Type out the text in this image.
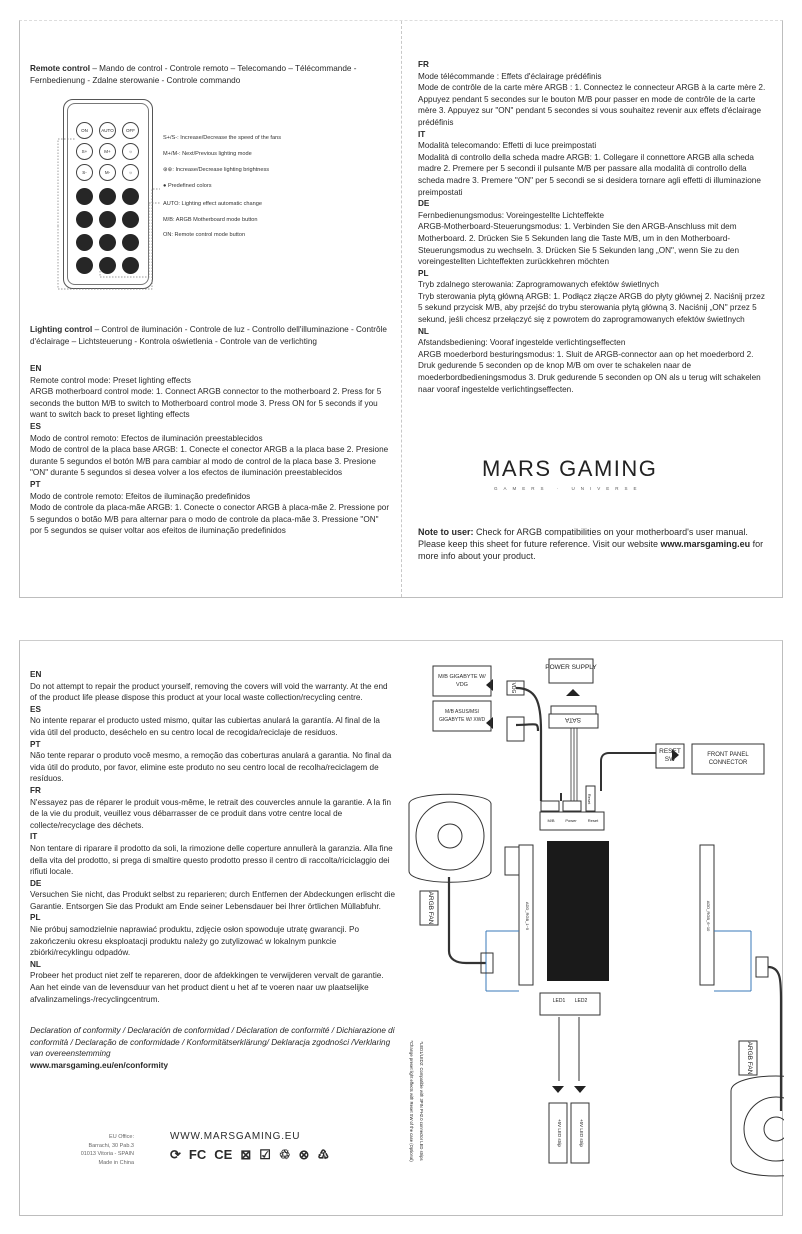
Remote control – Mando de control - Controle remoto – Telecomando – Télécommande - Fernbedienung - Zdalne sterowanie - Controle commando
ON	AUTO	OFF
S+	M+	☼
S-	M-	☼
S+/S-: Increase/Decrease the speed of the fans
M+/M-: Next/Previous lighting mode
⊛⊛: Increase/Decrease lighting brightness
● Predefined colors
AUTO: Lighting effect automatic change
M/B: ARGB Motherboard mode button
ON: Remote control mode button
Lighting control – Control de iluminación - Controle de luz - Controllo dell'illuminazione - Contrôle d'éclairage – Lichtsteuerung - Kontrola oświetlenia - Controle van de verlichting
EN

Remote control mode: Preset lighting effects

ARGB motherboard control mode: 1. Connect ARGB connector to the motherboard 2. Press for 5 seconds the button M/B to switch to Motherboard control mode 3. Press ON for 5 seconds if you want to switch back to preset lighting effects

ES

Modo de control remoto: Efectos de iluminación preestablecidos

Modo de control de la placa base ARGB: 1. Conecte el conector ARGB a la placa base 2. Presione durante 5 segundos el botón M/B para cambiar al modo de control de la placa base 3. Presione "ON" durante 5 segundos si desea volver a los efectos de iluminación preestablecidos

PT

Modo de controle remoto: Efeitos de iluminação predefinidos

Modo de controle da placa-mãe ARGB: 1. Conecte o conector ARGB à placa-mãe 2. Pressione por 5 segundos o botão M/B para alternar para o modo de controle da placa-mãe 3. Pressione "ON" por 5 segundos se quiser voltar aos efeitos de iluminação predefinidos

FR

Mode télécommande : Effets d'éclairage prédéfinis

Mode de contrôle de la carte mère ARGB : 1. Connectez le connecteur ARGB à la carte mère 2. Appuyez pendant 5 secondes sur le bouton M/B pour passer en mode de contrôle de la carte mère 3. Appuyez sur "ON" pendant 5 secondes si vous souhaitez revenir aux effets d'éclairage prédéfinis

IT

Modalità telecomando: Effetti di luce preimpostati

Modalità di controllo della scheda madre ARGB: 1. Collegare il connettore ARGB alla scheda madre 2. Premere per 5 secondi il pulsante M/B per passare alla modalità di controllo della scheda madre 3. Premere "ON" per 5 secondi se si desidera tornare agli effetti di illuminazione preimpostati

DE

Fernbedienungsmodus: Voreingestellte Lichteffekte

ARGB-Motherboard-Steuerungsmodus: 1. Verbinden Sie den ARGB-Anschluss mit dem Motherboard. 2. Drücken Sie 5 Sekunden lang die Taste M/B, um in den Motherboard-Steuerungsmodus zu wechseln. 3. Drücken Sie 5 Sekunden lang „ON", wenn Sie zu den voreingestellten Lichteffekten zurückkehren möchten

PL

Tryb zdalnego sterowania: Zaprogramowanych efektów świetlnych

Tryb sterowania płytą główną ARGB: 1. Podłącz złącze ARGB do płyty głównej 2. Naciśnij przez 5 sekund przycisk M/B, aby przejść do trybu sterowania płytą główną 3. Naciśnij „ON" przez 5 sekund, jeśli chcesz przełączyć się z powrotem do zaprogramowanych efektów świetlnych

NL

Afstandsbediening: Vooraf ingestelde verlichtingseffecten

ARGB moederbord besturingsmodus: 1. Sluit de ARGB-connector aan op het moederbord 2. Druk gedurende 5 seconden op de knop M/B om over te schakelen naar de moederbordbedieningsmodus 3. Druk gedurende 5 seconden op ON als u terug wilt schakelen naar vooraf ingestelde verlichtingseffecten.

MARS GAMING
GAMERS · UNIVERSE
Note to user: Check for ARGB compatibilities on your motherboard's user manual. Please keep this sheet for future reference. Visit our website www.marsgaming.eu for more info about your product.
EN

Do not attempt to repair the product yourself, removing the covers will void the warranty. At the end of the product life please dispose this product at your local waste collection/recycling centre.

ES

No intente reparar el producto usted mismo, quitar las cubiertas anulará la garantía. Al final de la vida útil del producto, deséchelo en su centro local de recogida/reciclaje de residuos.

PT

Não tente reparar o produto você mesmo, a remoção das coberturas anulará a garantia. No final da vida útil do produto, por favor, elimine este produto no seu centro local de recolha/reciclagem de resíduos.

FR

N'essayez pas de réparer le produit vous-même, le retrait des couvercles annule la garantie. A la fin de la vie du produit, veuillez vous débarrasser de ce produit dans votre centre local de collecte/recyclage des déchets.

IT

Non tentare di riparare il prodotto da soli, la rimozione delle coperture annullerà la garanzia. Alla fine della vita del prodotto, si prega di smaltire questo prodotto presso il centro di raccolta/riciclaggio dei rifiuti locale.

DE

Versuchen Sie nicht, das Produkt selbst zu reparieren; durch Entfernen der Abdeckungen erlischt die Garantie. Entsorgen Sie das Produkt am Ende seiner Lebensdauer bei Ihrer örtlichen Müllabfuhr.

PL

Nie próbuj samodzielnie naprawiać produktu, zdjęcie osłon spowoduje utratę gwarancji. Po zakończeniu okresu eksploatacji produktu należy go zutylizować w lokalnym punkcie zbiórki/recyklingu odpadów.

NL

Probeer het product niet zelf te repareren, door de afdekkingen te verwijderen vervalt de garantie. Aan het einde van de levensduur van het product dient u het af te voeren naar uw plaatselijke afvalinzamelings-/recyclingcentrum.

Declaration of conformity / Declaración de conformidad / Déclaration de conformité / Dichiarazione di conformità / Declaração de conformidade / Konformitätserklärung/ Deklaracja zgodności /Verklaring van overeenstemming
www.marsgaming.eu/en/conformity
EU Office:
Barrachi, 30 Pab.3
01013 Vitoria - SPAIN
Made in China
WWW.MARSGAMING.EU
⟳ FC CE ⊠ ☑ ♲ ⊗ ♳
POWER SUPPLY
SATA
VDG
Reset
M/B	Power	Reset
ADD_RGB_1~5	ADD_RGB_6~10
LED1 LED2
+5V LED strip	+5V LED strip
ARGB FAN
ARGB FAN
*LED1/LED2: Compatible with 3PIN PH2.0 connector LED strips
*Change preset light effects with Reset SW of the case (Optional)
M/B GIGABYTE W/ VDG
M/B ASUS/MSI GIGABYTE W/ XWD
RESET SW
FRONT PANEL CONNECTOR
